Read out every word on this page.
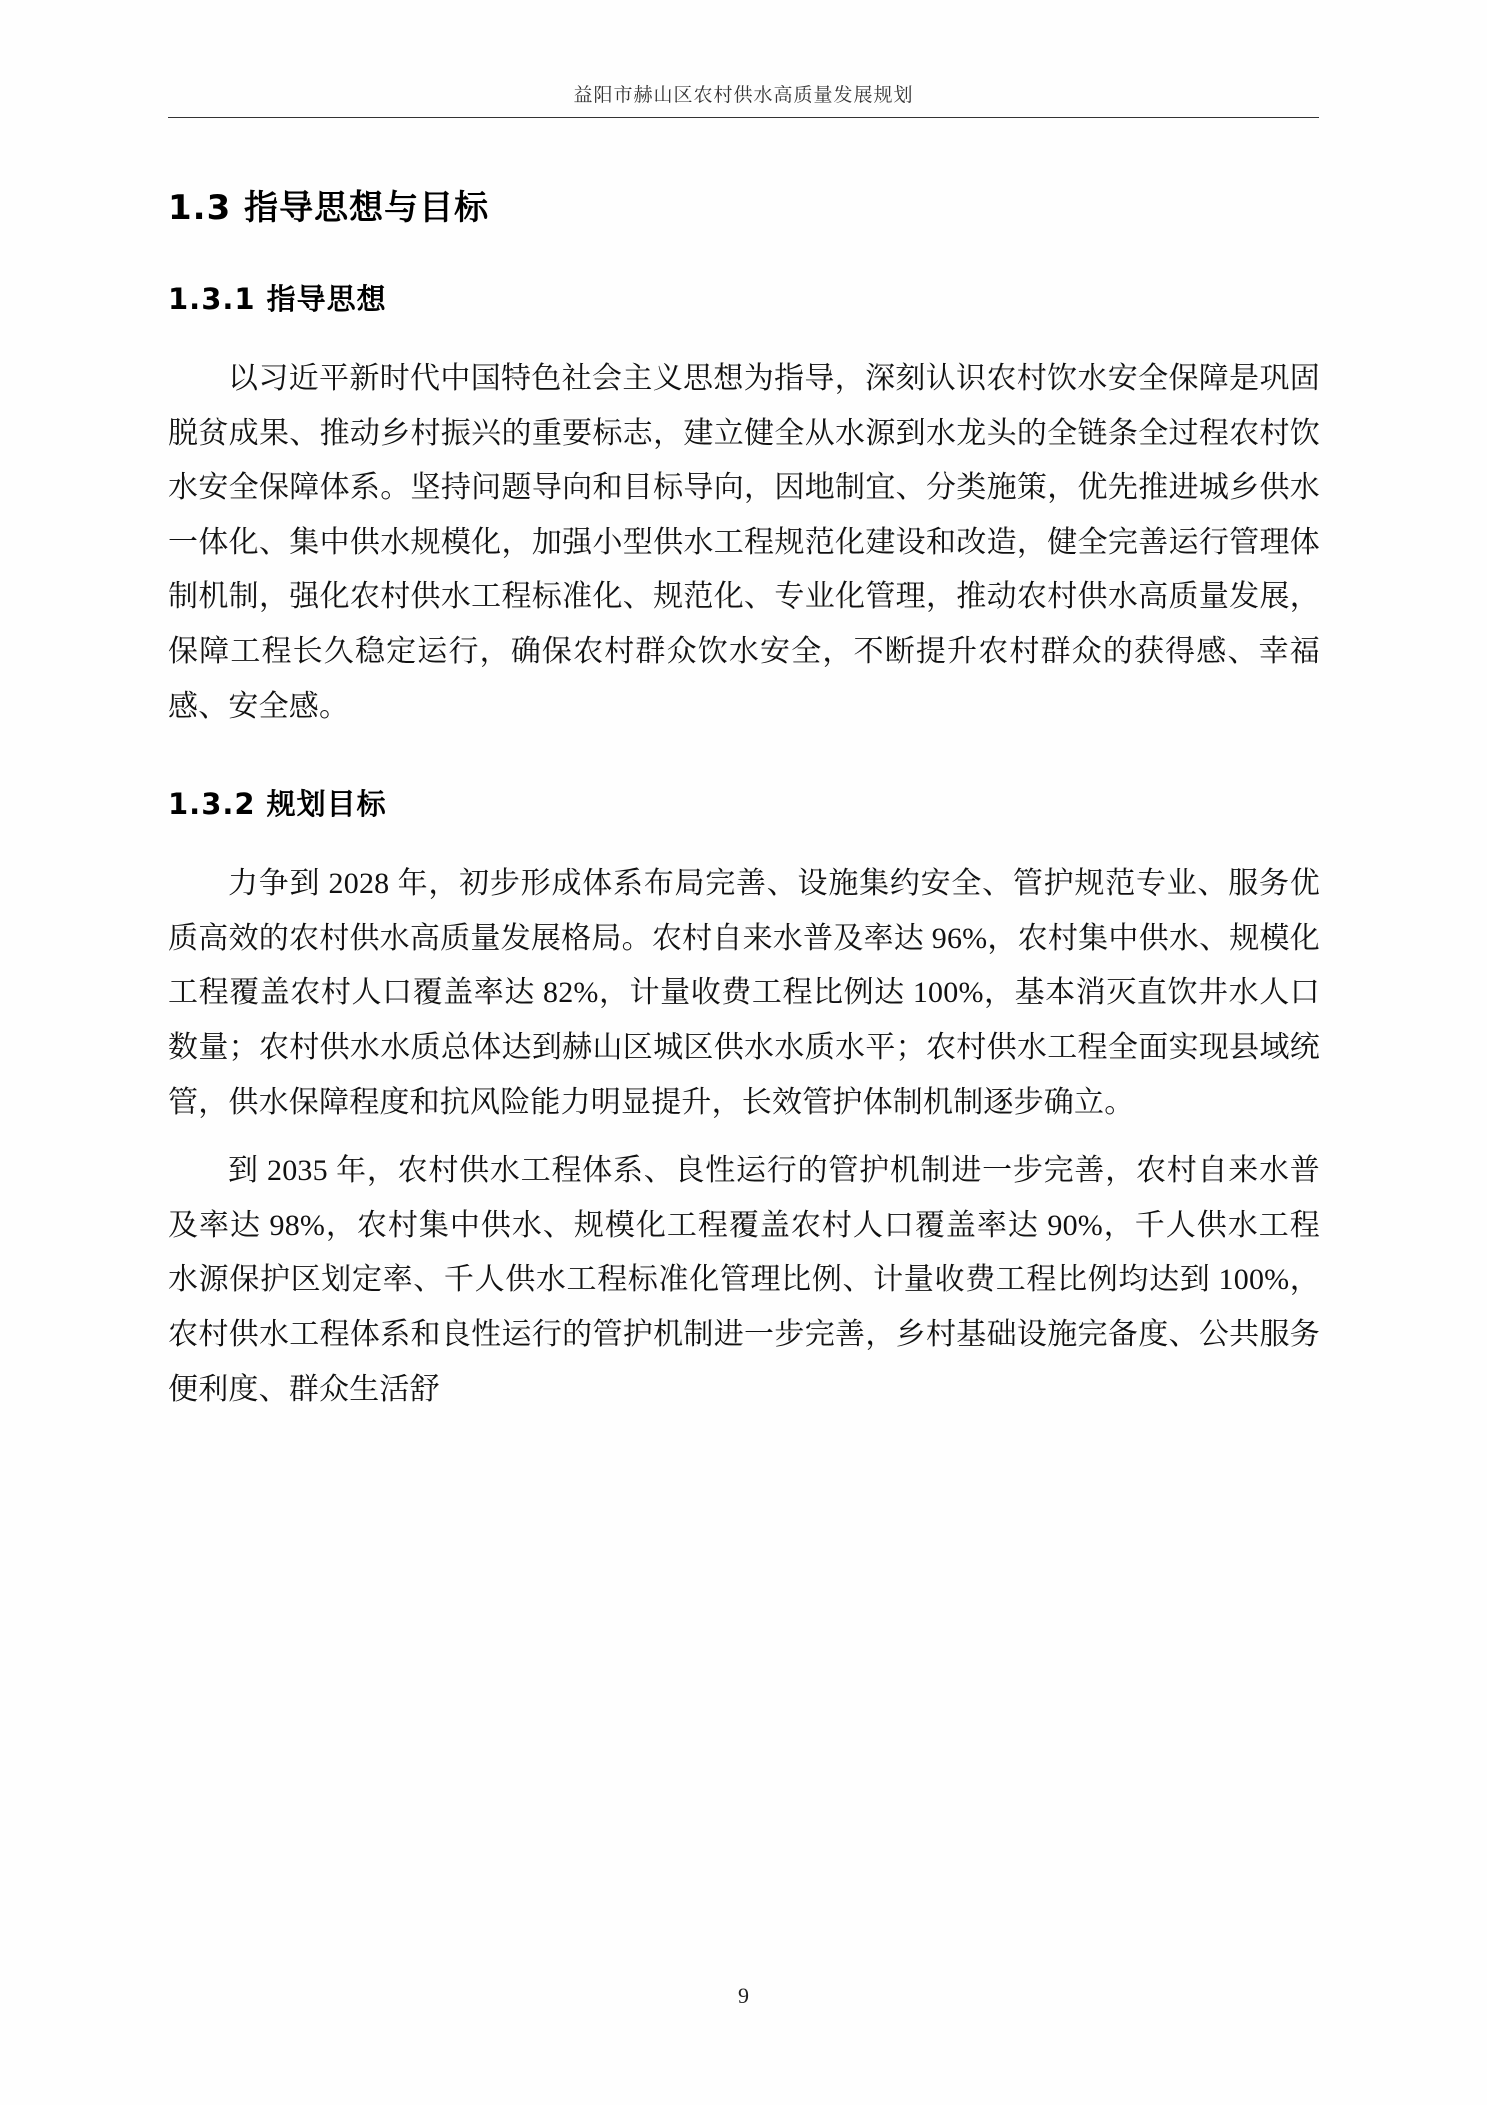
益阳市赫山区农村供水高质量发展规划
1.3 指导思想与目标
1.3.1 指导思想

以习近平新时代中国特色社会主义思想为指导，深刻认识农村饮水安全保障是巩固脱贫成果、推动乡村振兴的重要标志，建立健全从水源到水龙头的全链条全过程农村饮水安全保障体系。坚持问题导向和目标导向，因地制宜、分类施策，优先推进城乡供水一体化、集中供水规模化，加强小型供水工程规范化建设和改造，健全完善运行管理体制机制，强化农村供水工程标准化、规范化、专业化管理，推动农村供水高质量发展，保障工程长久稳定运行，确保农村群众饮水安全，不断提升农村群众的获得感、幸福感、安全感。

1.3.2 规划目标

力争到 2028 年，初步形成体系布局完善、设施集约安全、管护规范专业、服务优质高效的农村供水高质量发展格局。农村自来水普及率达 96%，农村集中供水、规模化工程覆盖农村人口覆盖率达 82%，计量收费工程比例达 100%，基本消灭直饮井水人口数量；农村供水水质总体达到赫山区城区供水水质水平；农村供水工程全面实现县域统管，供水保障程度和抗风险能力明显提升，长效管护体制机制逐步确立。

到 2035 年，农村供水工程体系、良性运行的管护机制进一步完善，农村自来水普及率达 98%，农村集中供水、规模化工程覆盖农村人口覆盖率达 90%，千人供水工程水源保护区划定率、千人供水工程标准化管理比例、计量收费工程比例均达到 100%，农村供水工程体系和良性运行的管护机制进一步完善，乡村基础设施完备度、公共服务便利度、群众生活舒

9
